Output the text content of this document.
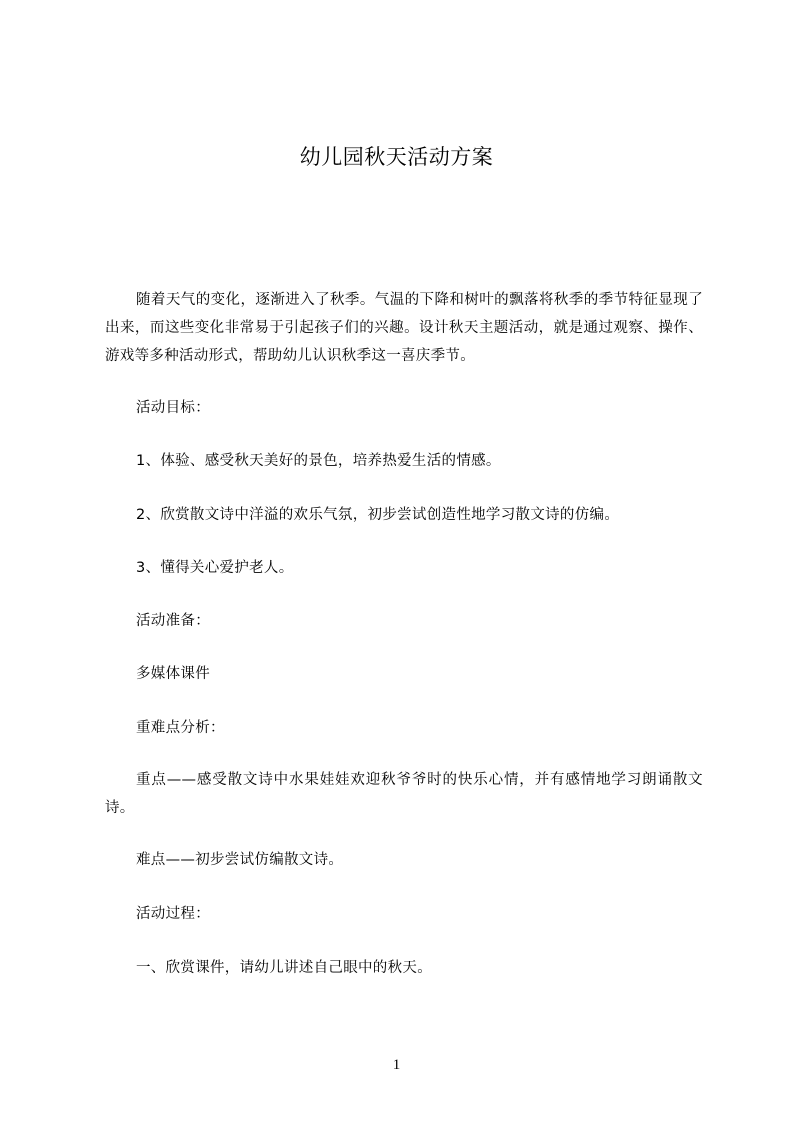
幼儿园秋天活动方案
随着天气的变化，逐渐进入了秋季。气温的下降和树叶的飘落将秋季的季节特征显现了出来，而这些变化非常易于引起孩子们的兴趣。设计秋天主题活动，就是通过观察、操作、游戏等多种活动形式，帮助幼儿认识秋季这一喜庆季节。
活动目标：
1、体验、感受秋天美好的景色，培养热爱生活的情感。
2、欣赏散文诗中洋溢的欢乐气氛，初步尝试创造性地学习散文诗的仿编。
3、懂得关心爱护老人。
活动准备：
多媒体课件
重难点分析：
重点——感受散文诗中水果娃娃欢迎秋爷爷时的快乐心情，并有感情地学习朗诵散文诗。
难点——初步尝试仿编散文诗。
活动过程：
一、欣赏课件，请幼儿讲述自己眼中的秋天。
1
